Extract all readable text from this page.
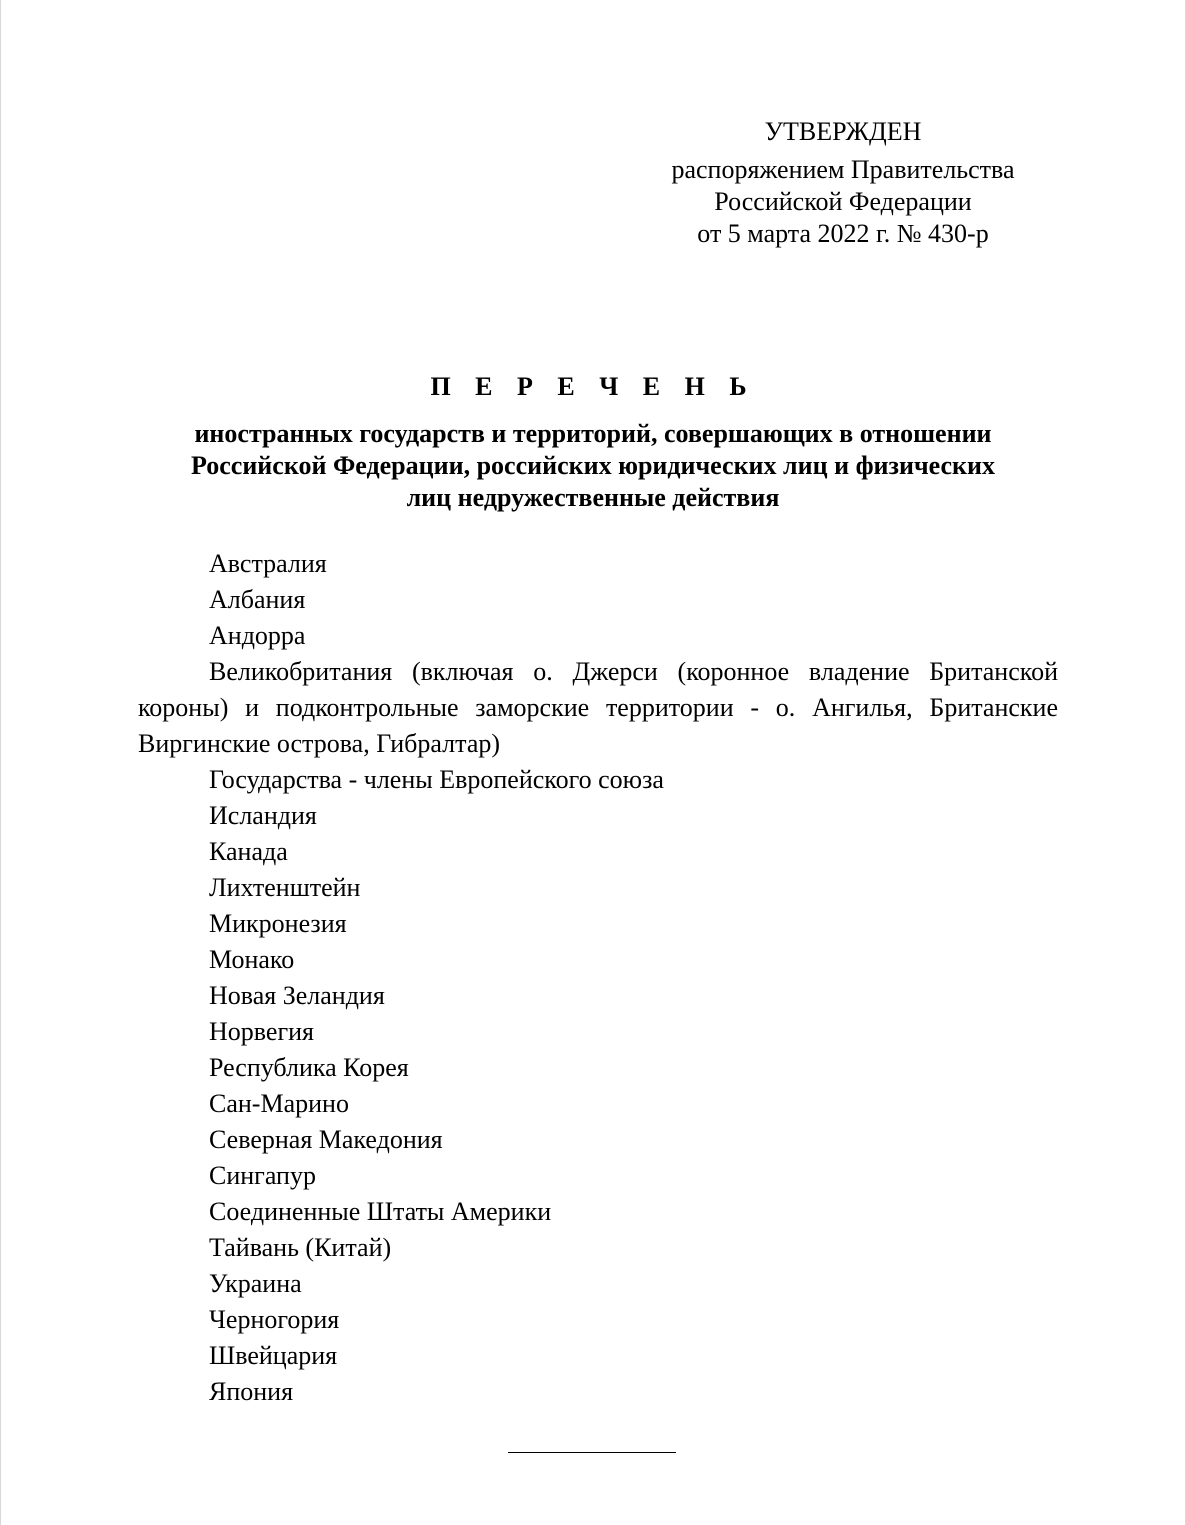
УТВЕРЖДЕН
распоряжением Правительства
Российской Федерации
от 5 марта 2022 г. № 430-р
П Е Р Е Ч Е Н Ь
иностранных государств и территорий, совершающих в отношении
Российской Федерации, российских юридических лиц и физических
лиц недружественные действия
Австралия
Албания
Андорра
Великобритания (включая о. Джерси (коронное владение Британской короны) и подконтрольные заморские территории - о. Ангилья, Британские Виргинские острова, Гибралтар)
Государства - члены Европейского союза
Исландия
Канада
Лихтенштейн
Микронезия
Монако
Новая Зеландия
Норвегия
Республика Корея
Сан-Марино
Северная Македония
Сингапур
Соединенные Штаты Америки
Тайвань (Китай)
Украина
Черногория
Швейцария
Япония
